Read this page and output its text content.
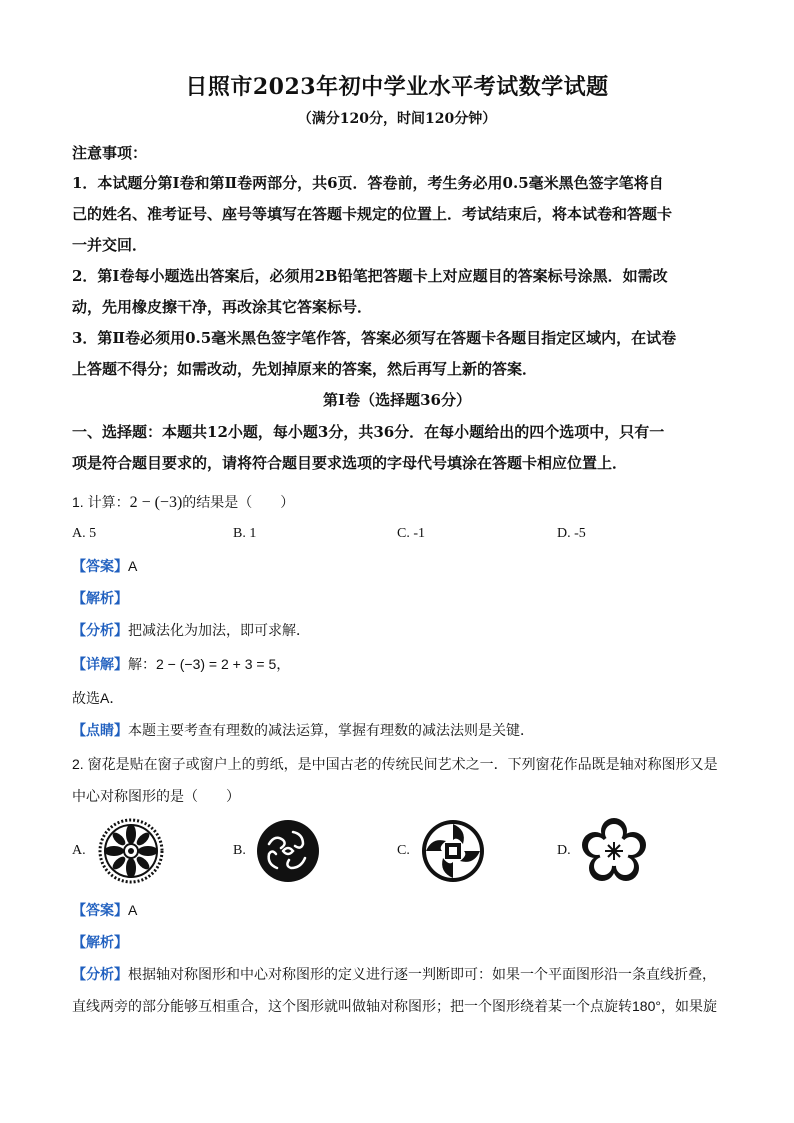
日照市2023年初中学业水平考试数学试题
（满分120分，时间120分钟）
注意事项：
1．本试题分第Ⅰ卷和第Ⅱ卷两部分，共6页．答卷前，考生务必用0.5毫米黑色签字笔将自
己的姓名、准考证号、座号等填写在答题卡规定的位置上．考试结束后，将本试卷和答题卡
一并交回．
2．第Ⅰ卷每小题选出答案后，必须用2B铅笔把答题卡上对应题目的答案标号涂黑．如需改
动，先用橡皮擦干净，再改涂其它答案标号．
3．第Ⅱ卷必须用0.5毫米黑色签字笔作答，答案必须写在答题卡各题目指定区域内，在试卷
上答题不得分；如需改动，先划掉原来的答案，然后再写上新的答案．
第Ⅰ卷（选择题36分）
一、选择题：本题共12小题，每小题3分，共36分．在每小题给出的四个选项中，只有一
项是符合题目要求的，请将符合题目要求选项的字母代号填涂在答题卡相应位置上．
1. 计算：2 − (−3)的结果是（　　）
A. 5	B. 1	C. -1	D. -5
【答案】A
【解析】
【分析】把减法化为加法，即可求解．
【详解】解：2 − (−3) = 2 + 3 = 5，
故选A．
【点睛】本题主要考查有理数的减法运算，掌握有理数的减法法则是关键．
2. 窗花是贴在窗子或窗户上的剪纸，是中国古老的传统民间艺术之一．下列窗花作品既是轴对称图形又是
中心对称图形的是（　　）
A.	B.	C.	D.
【答案】A
【解析】
【分析】根据轴对称图形和中心对称图形的定义进行逐一判断即可：如果一个平面图形沿一条直线折叠，
直线两旁的部分能够互相重合，这个图形就叫做轴对称图形；把一个图形绕着某一个点旋转180°，如果旋
